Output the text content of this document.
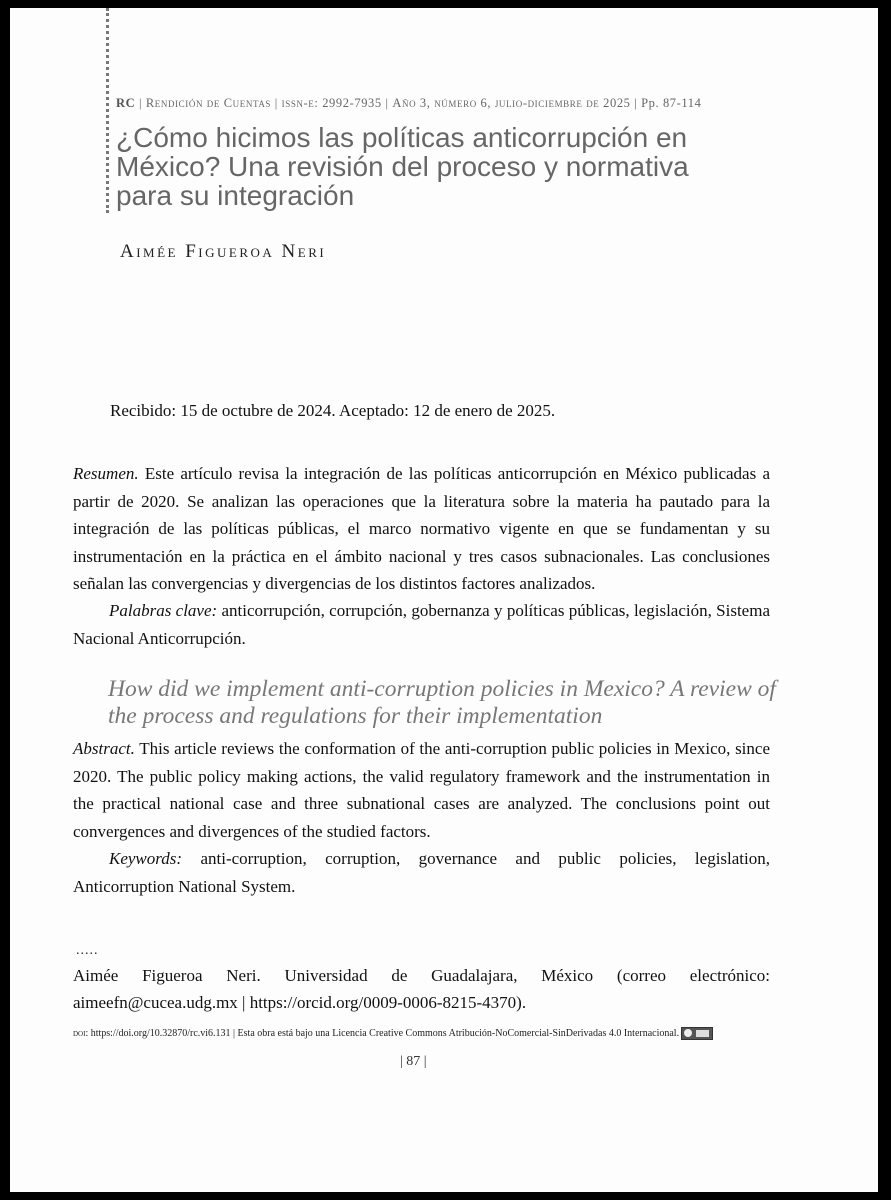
RC | Rendición de Cuentas | issn-e: 2992-7935 | Año 3, número 6, julio-diciembre de 2025 | Pp. 87-114
¿Cómo hicimos las políticas anticorrupción en México? Una revisión del proceso y normativa para su integración
Aimée Figueroa Neri
Recibido: 15 de octubre de 2024. Aceptado: 12 de enero de 2025.

Resumen. Este artículo revisa la integración de las políticas anticorrupción en México publicadas a partir de 2020. Se analizan las operaciones que la literatura sobre la materia ha pautado para la integración de las políticas públicas, el marco normativo vigente en que se fundamentan y su instrumentación en la práctica en el ámbito nacional y tres casos subnacionales. Las conclusiones señalan las convergencias y divergencias de los distintos factores analizados.

Palabras clave: anticorrupción, corrupción, gobernanza y políticas públicas, legislación, Sistema Nacional Anticorrupción.

How did we implement anti-corruption policies in Mexico? A review of the process and regulations for their implementation

Abstract. This article reviews the conformation of the anti-corruption public policies in Mexico, since 2020. The public policy making actions, the valid regulatory framework and the instrumentation in the practical national case and three subnational cases are analyzed. The conclusions point out convergences and divergences of the studied factors.

Keywords: anti-corruption, corruption, governance and public policies, legislation, Anticorruption National System.

.....

Aimée Figueroa Neri. Universidad de Guadalajara, México (correo electrónico: aimeefn@cucea.udg.mx | https://orcid.org/0009-0006-8215-4370).

doi: https://doi.org/10.32870/rc.vi6.131 | Esta obra está bajo una Licencia Creative Commons Atribución-NoComercial-SinDerivadas 4.0 Internacional.
| 87 |
